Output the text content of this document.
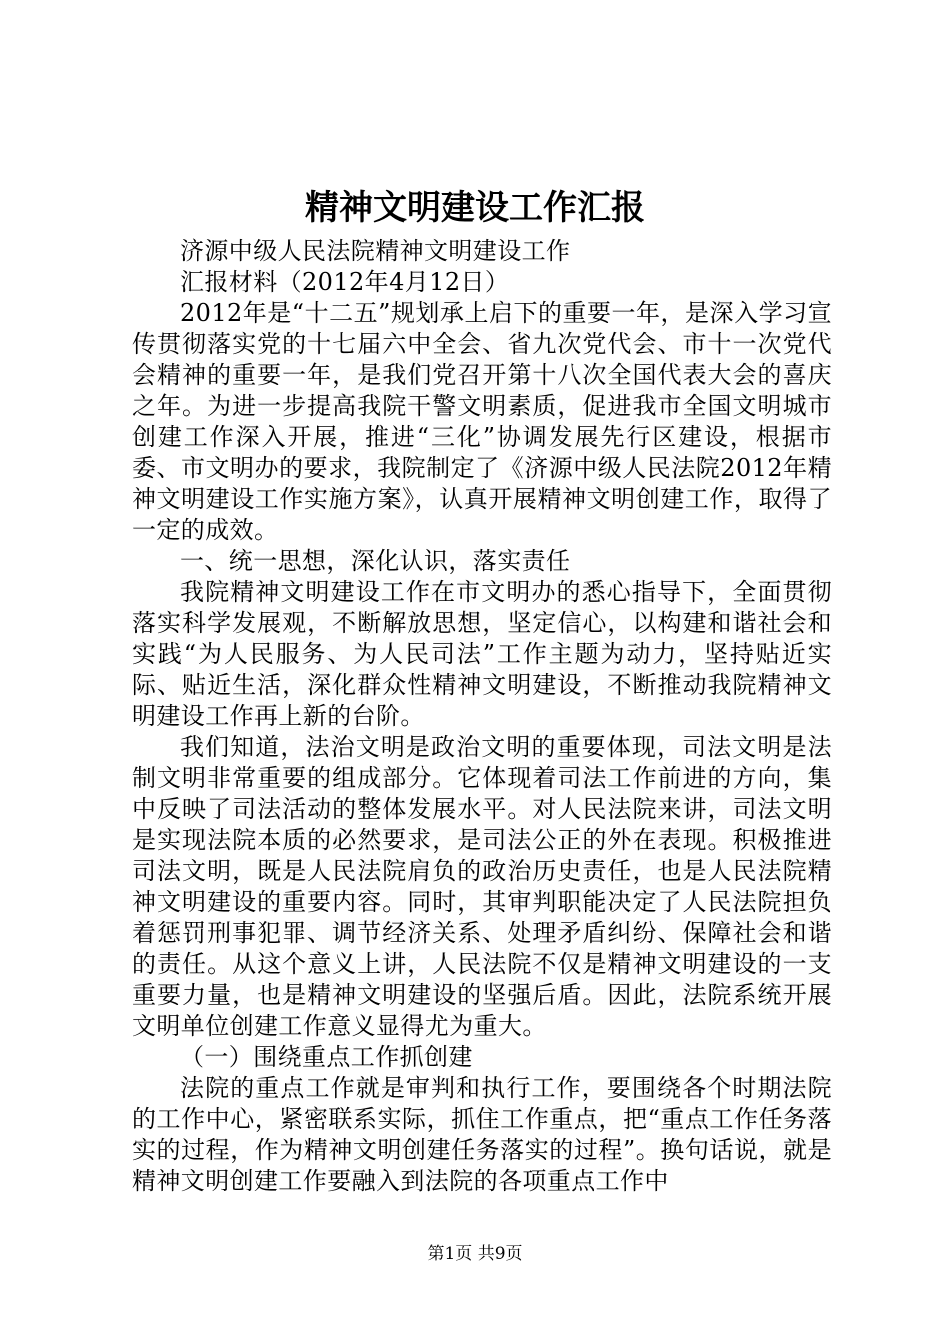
精神文明建设工作汇报

济源中级人民法院精神文明建设工作

汇报材料（2012年4月12日）

2012年是“十二五”规划承上启下的重要一年，是深入学习宣传贯彻落实党的十七届六中全会、省九次党代会、市十一次党代会精神的重要一年，是我们党召开第十八次全国代表大会的喜庆之年。为进一步提高我院干警文明素质，促进我市全国文明城市创建工作深入开展，推进“三化”协调发展先行区建设，根据市委、市文明办的要求，我院制定了《济源中级人民法院2012年精神文明建设工作实施方案》，认真开展精神文明创建工作，取得了一定的成效。

一、统一思想，深化认识，落实责任

我院精神文明建设工作在市文明办的悉心指导下，全面贯彻落实科学发展观，不断解放思想，坚定信心，以构建和谐社会和实践“为人民服务、为人民司法”工作主题为动力，坚持贴近实际、贴近生活，深化群众性精神文明建设，不断推动我院精神文明建设工作再上新的台阶。

我们知道，法治文明是政治文明的重要体现，司法文明是法制文明非常重要的组成部分。它体现着司法工作前进的方向，集中反映了司法活动的整体发展水平。对人民法院来讲，司法文明是实现法院本质的必然要求，是司法公正的外在表现。积极推进司法文明，既是人民法院肩负的政治历史责任，也是人民法院精神文明建设的重要内容。同时，其审判职能决定了人民法院担负着惩罚刑事犯罪、调节经济关系、处理矛盾纠纷、保障社会和谐的责任。从这个意义上讲，人民法院不仅是精神文明建设的一支重要力量，也是精神文明建设的坚强后盾。因此，法院系统开展文明单位创建工作意义显得尤为重大。

（一）围绕重点工作抓创建

法院的重点工作就是审判和执行工作，要围绕各个时期法院的工作中心，紧密联系实际，抓住工作重点，把“重点工作任务落实的过程，作为精神文明创建任务落实的过程”。换句话说，就是精神文明创建工作要融入到法院的各项重点工作中

第1页 共9页
